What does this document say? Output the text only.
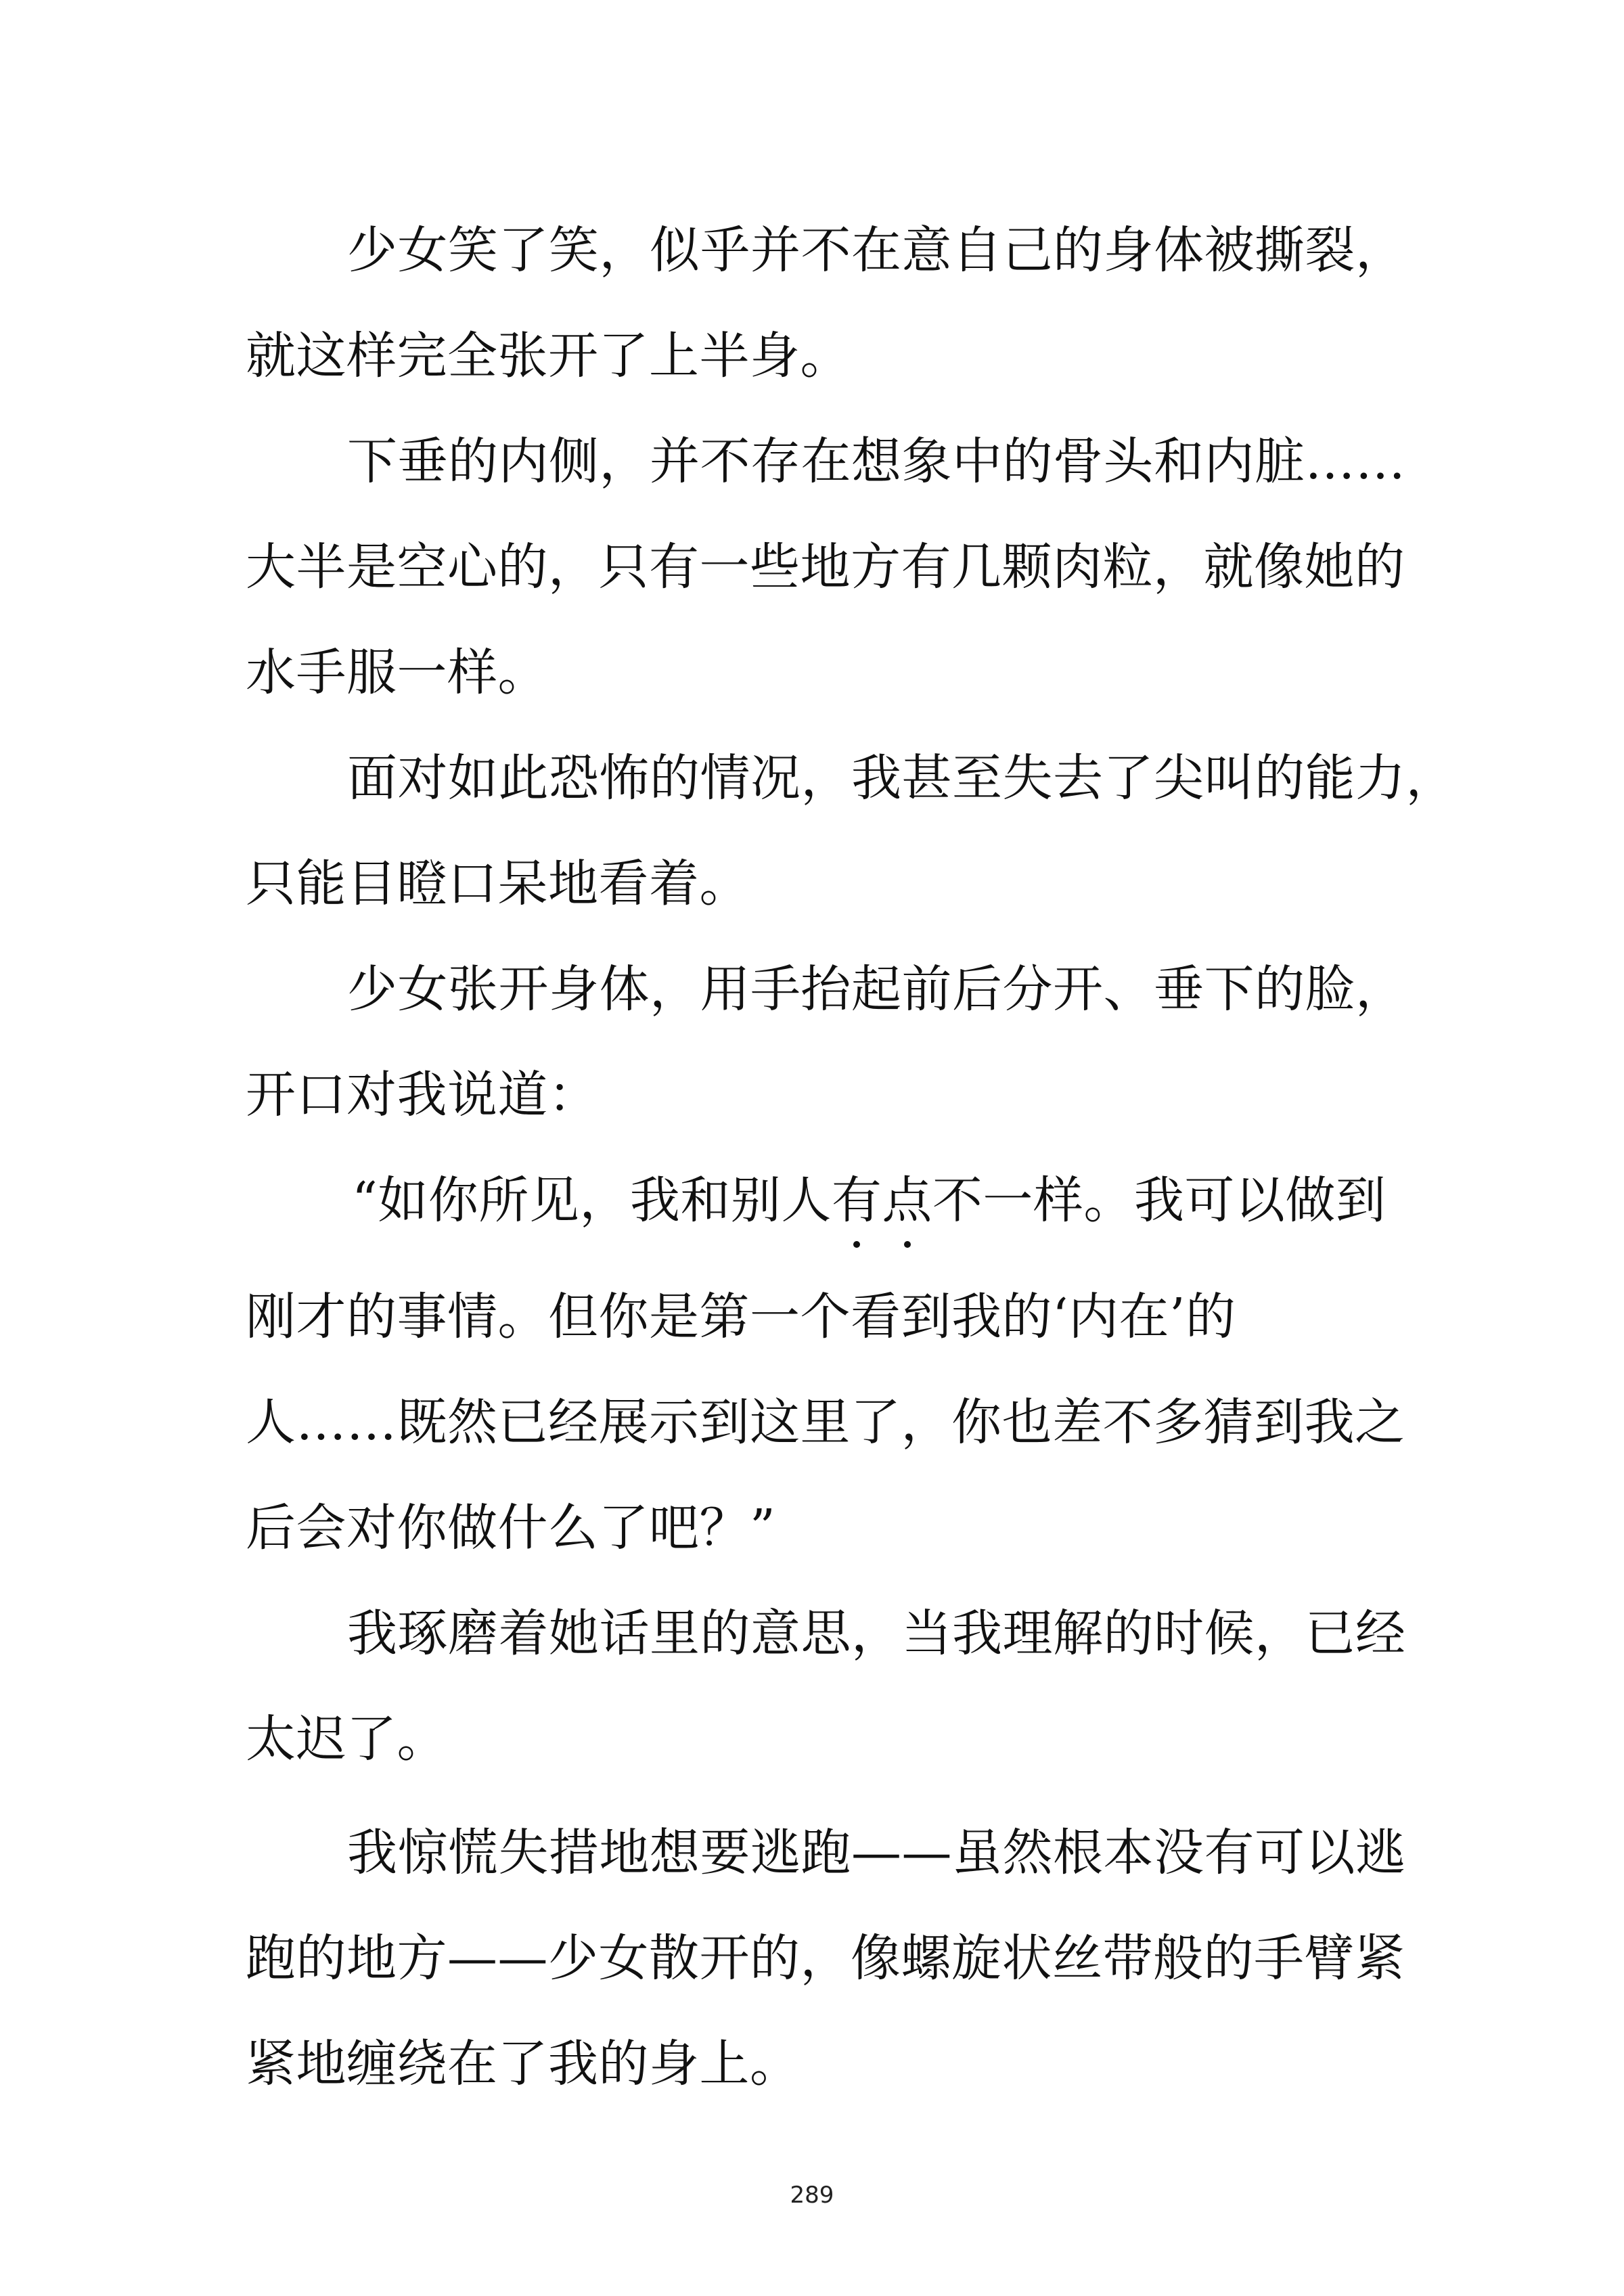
少女笑了笑，似乎并不在意自己的身体被撕裂，

就这样完全张开了上半身。

下垂的内侧，并不存在想象中的骨头和内脏……

大半是空心的，只有一些地方有几颗肉粒，就像她的

水手服一样。

面对如此恐怖的情况，我甚至失去了尖叫的能力，

只能目瞪口呆地看着。

少女张开身体，用手抬起前后分开、垂下的脸，

开口对我说道：

“如你所见，我和别人有点不一样。我可以做到

刚才的事情。但你是第一个看到我的‘内在’的

人……既然已经展示到这里了，你也差不多猜到我之

后会对你做什么了吧？”

我琢磨着她话里的意思，当我理解的时候，已经

太迟了。

我惊慌失措地想要逃跑——虽然根本没有可以逃

跑的地方——少女散开的，像螺旋状丝带般的手臂紧

紧地缠绕在了我的身上。

289
